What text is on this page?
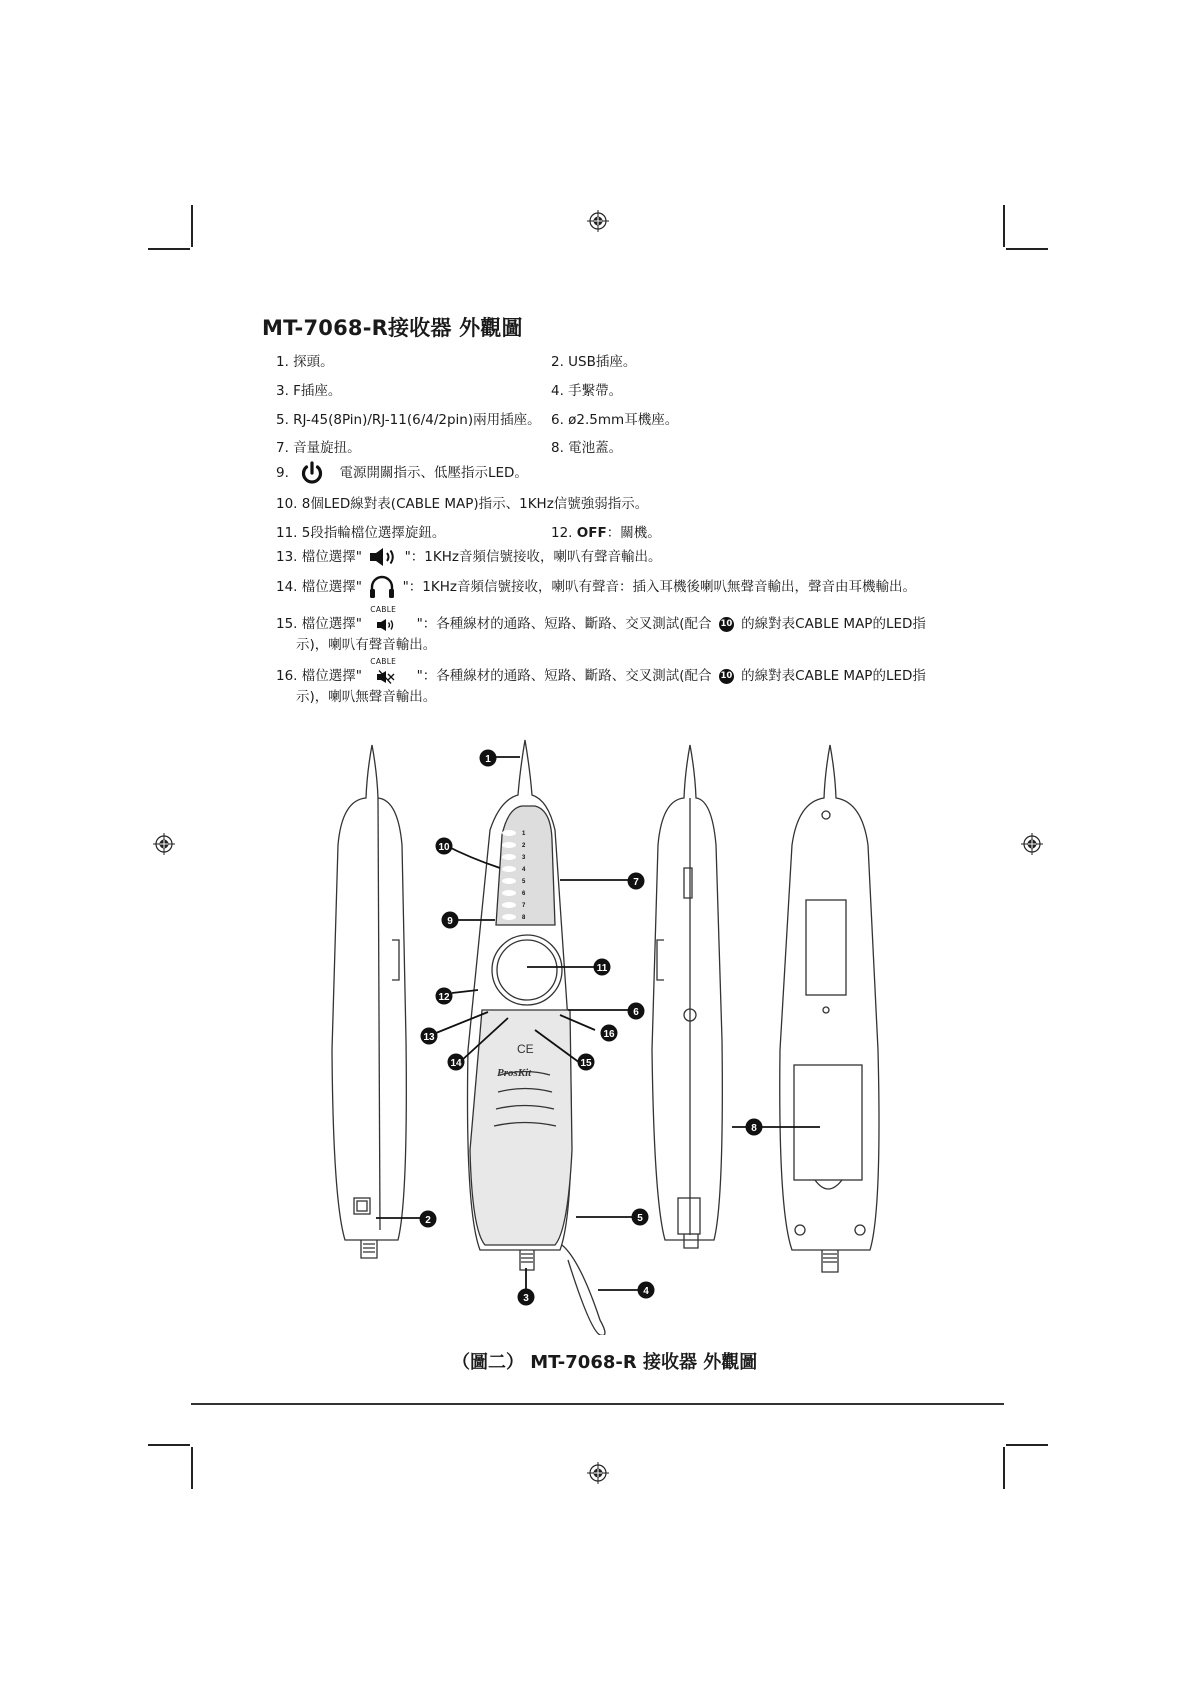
MT-7068-R接收器 外觀圖
1. 探頭。	2. USB插座。
3. F插座。	4. 手繫帶。
5. RJ-45(8Pin)/RJ-11(6/4/2pin)兩用插座。 6. ø2.5mm耳機座。
7. 音量旋扭。	8. 電池蓋。
9.	電源開關指示、低壓指示LED。
10. 8個LED線對表(CABLE MAP)指示、1KHz信號強弱指示。
11. 5段指輪檔位選擇旋鈕。	12. OFF：關機。
13. 檔位選擇"	"：1KHz音頻信號接收，喇叭有聲音輸出。
14. 檔位選擇"	"：1KHz音頻信號接收，喇叭有聲音：插入耳機後喇叭無聲音輸出，聲音由耳機輸出。
15. 檔位選擇"
CABLE
"：各種線材的通路、短路、斷路、交叉測試(配合 10 的線對表CABLE MAP的LED指
示)，喇叭有聲音輸出。
16. 檔位選擇"
CABLE
"：各種線材的通路、短路、斷路、交叉測試(配合 10 的線對表CABLE MAP的LED指
示)，喇叭無聲音輸出。
1
10
9
7
11
12
13
14	15
6
16
8
2	5
3
4
1
2
3
4
5
6
7
8
CE
ProsKit
（圖二） MT-7068-R 接收器 外觀圖
